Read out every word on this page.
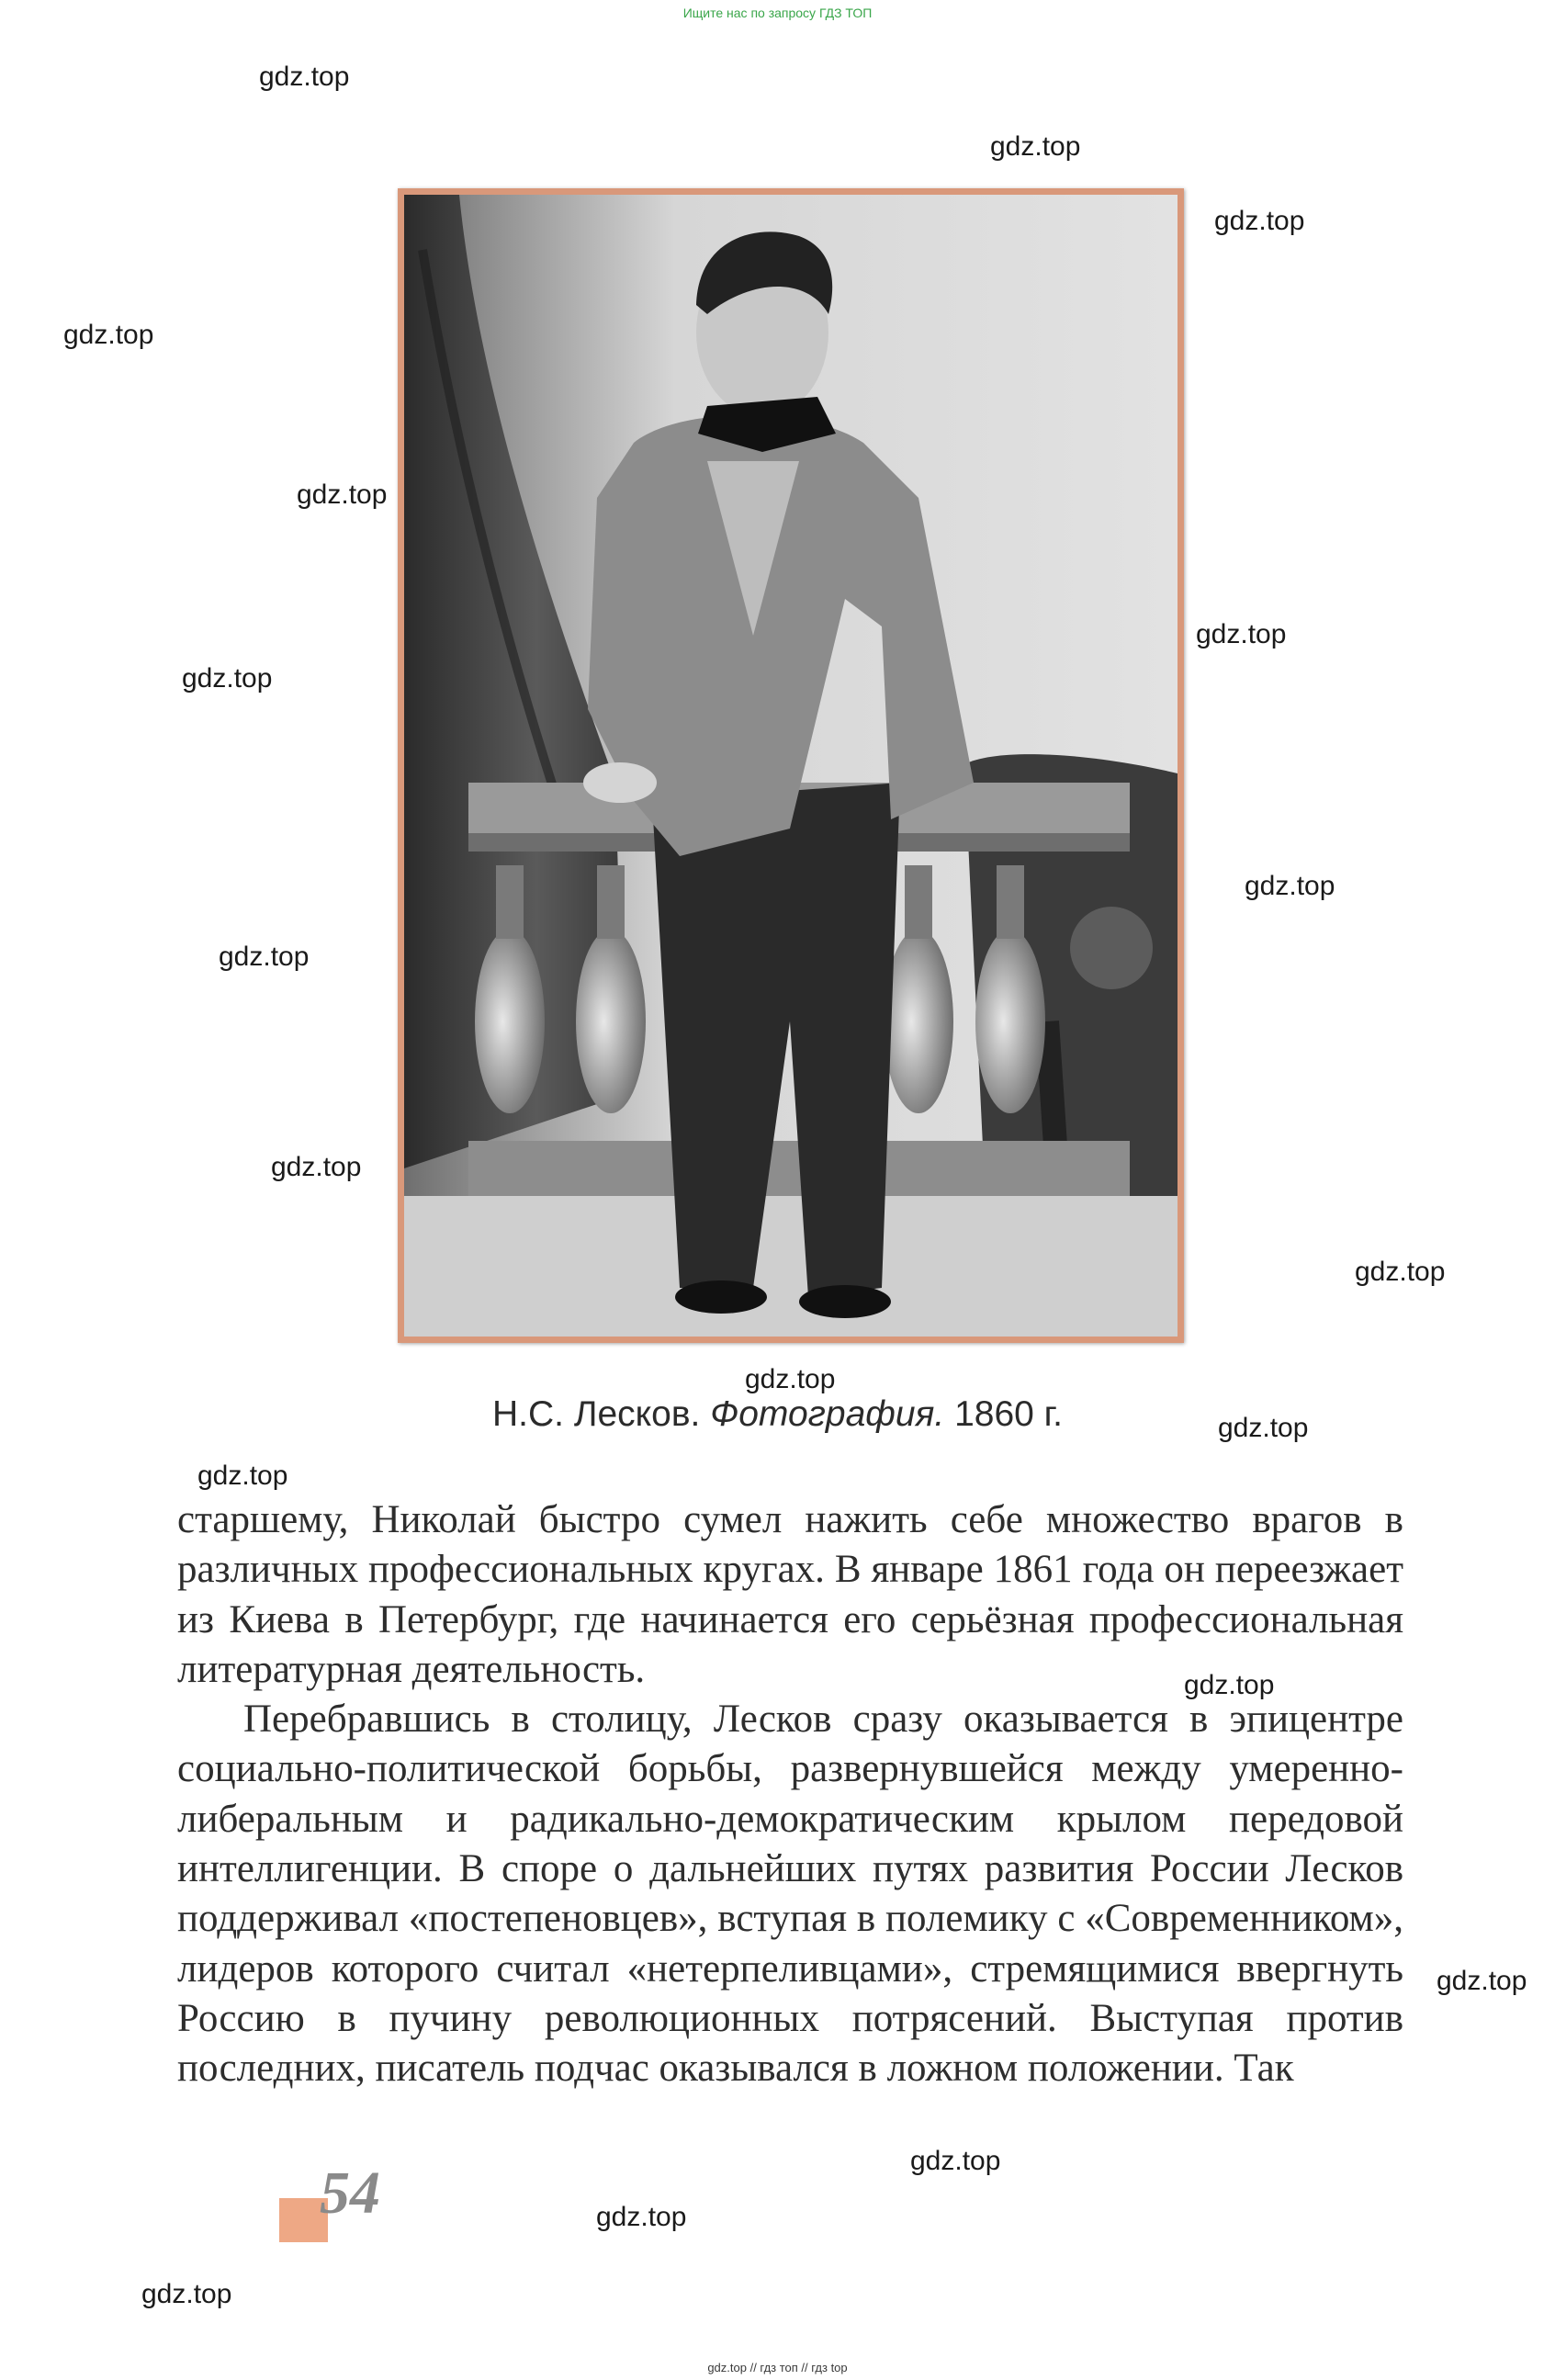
Ищите нас по запросу ГДЗ ТОП
gdz.top
gdz.top
gdz.top
gdz.top
gdz.top
gdz.top
gdz.top
gdz.top
gdz.top
gdz.top
gdz.top
gdz.top
gdz.top
gdz.top
gdz.top
gdz.top
gdz.top
gdz.top
gdz.top
Н.С. Лесков. Фотография. 1860 г.

старшему, Николай быстро сумел нажить себе множество врагов в различных профессиональных кругах. В январе 1861 года он переезжает из Киева в Петербург, где начинается его серьёзная профессиональная литературная деятельность.

Перебравшись в столицу, Лесков сразу оказывается в эпицентре социально-политической борьбы, развернувшейся между умеренно-либеральным и радикально-демократическим крылом передовой интеллигенции. В споре о дальнейших путях развития России Лесков поддерживал «постепеновцев», вступая в полемику с «Современником», лидеров которого считал «нетерпеливцами», стремящимися ввергнуть Россию в пучину революционных потрясений. Выступая против последних, писатель подчас оказывался в ложном положении. Так

54
gdz.top // гдз топ // гдз top
